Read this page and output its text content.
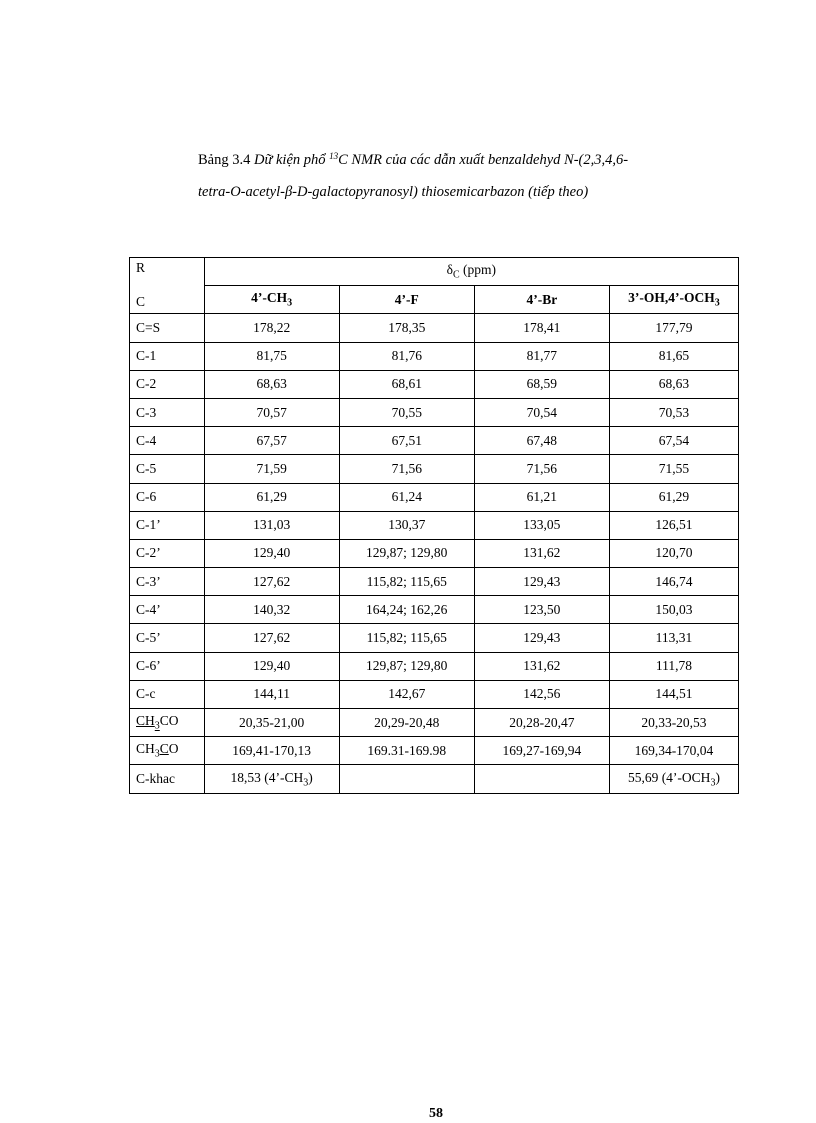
Bảng 3.4 Dữ kiện phổ $^{13}$C NMR của các dẫn xuất benzaldehyd N-(2,3,4,6-
tetra-O-acetyl-β-D-galactopyranosyl) thiosemicarbazon (tiếp theo)
R
C	$\delta_C$ (ppm)			
	$4’-CH_3$	4’-F	4’-Br	$3’-OH,4’-OCH_3$
C=S	178,22	178,35	178,41	177,79
C-1	81,75	81,76	81,77	81,65
C-2	68,63	68,61	68,59	68,63
C-3	70,57	70,55	70,54	70,53
C-4	67,57	67,51	67,48	67,54
C-5	71,59	71,56	71,56	71,55
C-6	61,29	61,24	61,21	61,29
C-1’	131,03	130,37	133,05	126,51
C-2’	129,40	129,87; 129,80	131,62	120,70
C-3’	127,62	115,82; 115,65	129,43	146,74
C-4’	140,32	164,24; 162,26	123,50	150,03
C-5’	127,62	115,82; 115,65	129,43	113,31
C-6’	129,40	129,87; 129,80	131,62	111,78
C-c	144,11	142,67	142,56	144,51
$CH_3CO$	20,35-21,00	20,29-20,48	20,28-20,47	20,33-20,53
$CH_3CO$	169,41-170,13	169.31-169.98	169,27-169,94	169,34-170,04
C-khac	18,53 $(4’-CH_3)$			55,69 $(4’-OCH_3)$
58
